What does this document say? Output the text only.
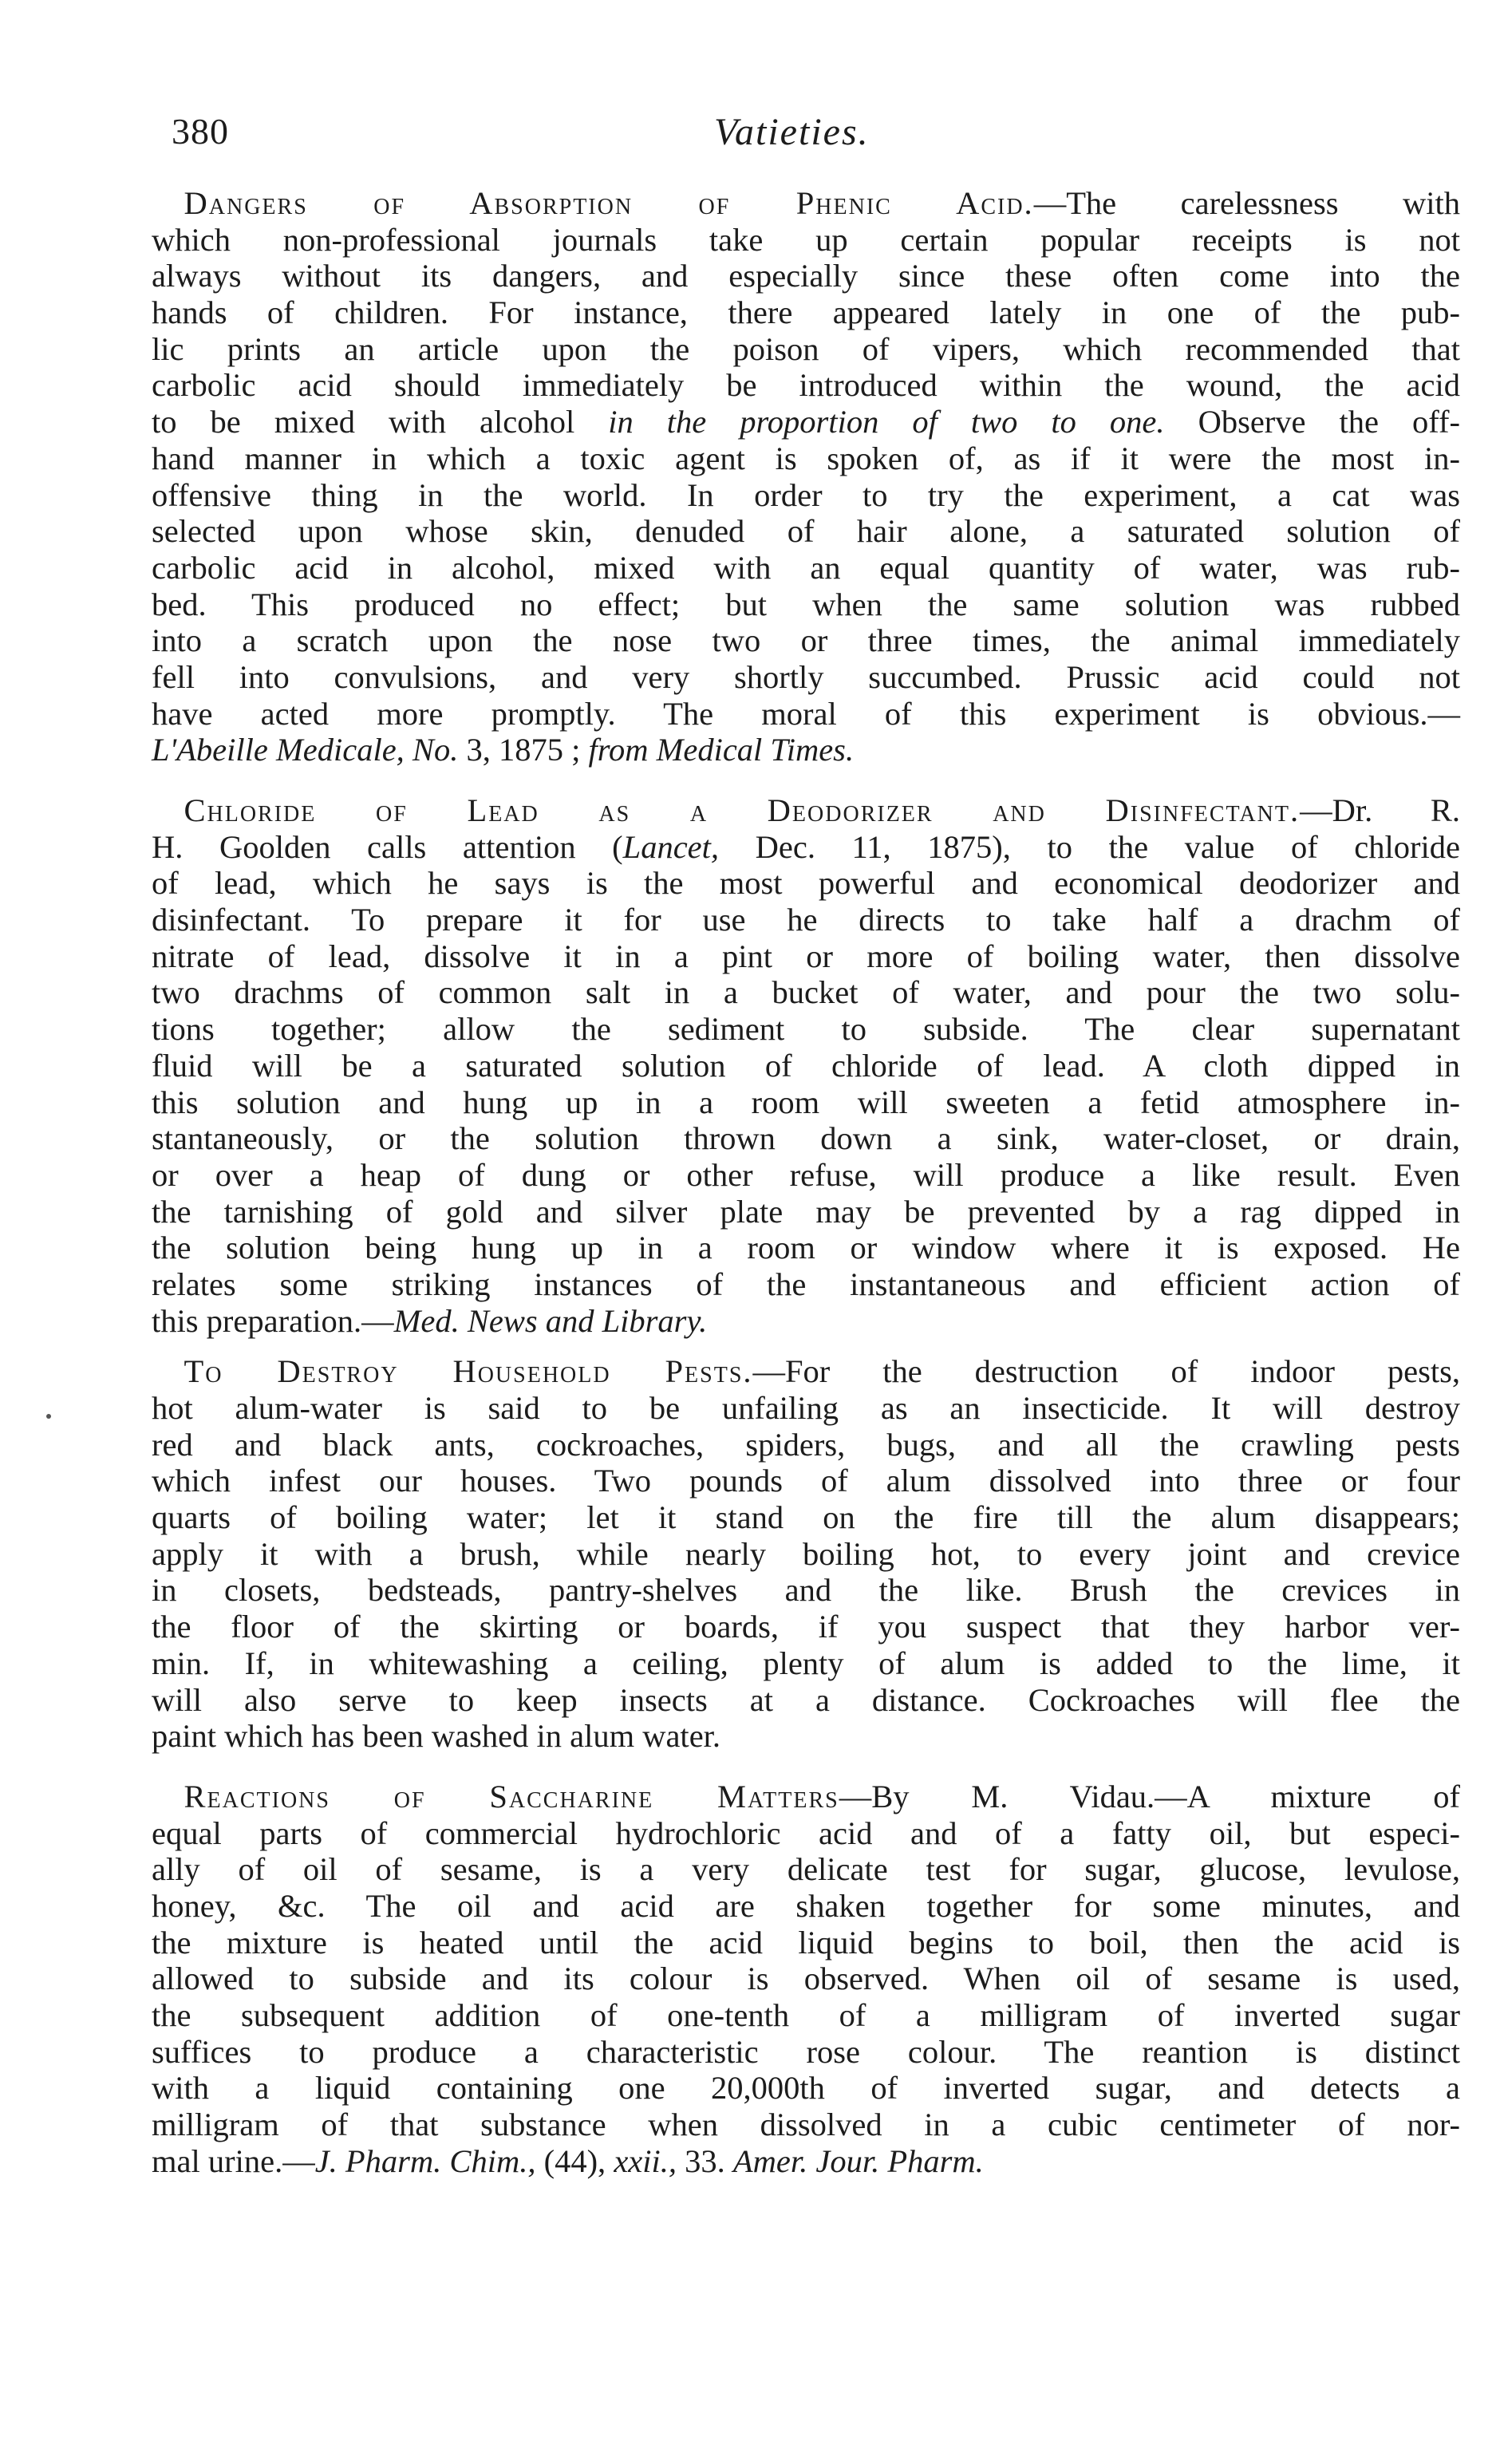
380	Vatieties.
 Dangers of Absorption of Phenic Acid.—The carelessness with
which non-professional journals take up certain popular receipts is not
always without its dangers, and especially since these often come into the
hands of children. For instance, there appeared lately in one of the pub-
lic prints an article upon the poison of vipers, which recommended that
carbolic acid should immediately be introduced within the wound, the acid
to be mixed with alcohol in the proportion of two to one. Observe the off-
hand manner in which a toxic agent is spoken of, as if it were the most in-
offensive thing in the world. In order to try the experiment, a cat was
selected upon whose skin, denuded of hair alone, a saturated solution of
carbolic acid in alcohol, mixed with an equal quantity of water, was rub-
bed. This produced no effect; but when the same solution was rubbed
into a scratch upon the nose two or three times, the animal immediately
fell into convulsions, and very shortly succumbed. Prussic acid could not
have acted more promptly. The moral of this experiment is obvious.—
L'Abeille Medicale, No. 3, 1875 ; from Medical Times.
 Chloride of Lead as a Deodorizer and Disinfectant.—Dr. R.
H. Goolden calls attention (Lancet, Dec. 11, 1875), to the value of chloride
of lead, which he says is the most powerful and economical deodorizer and
disinfectant. To prepare it for use he directs to take half a drachm of
nitrate of lead, dissolve it in a pint or more of boiling water, then dissolve
two drachms of common salt in a bucket of water, and pour the two solu-
tions together; allow the sediment to subside. The clear supernatant
fluid will be a saturated solution of chloride of lead. A cloth dipped in
this solution and hung up in a room will sweeten a fetid atmosphere in-
stantaneously, or the solution thrown down a sink, water-closet, or drain,
or over a heap of dung or other refuse, will produce a like result. Even
the tarnishing of gold and silver plate may be prevented by a rag dipped in
the solution being hung up in a room or window where it is exposed. He
relates some striking instances of the instantaneous and efficient action of
this preparation.—Med. News and Library.
 To Destroy Household Pests.—For the destruction of indoor pests,
hot alum-water is said to be unfailing as an insecticide. It will destroy
red and black ants, cockroaches, spiders, bugs, and all the crawling pests
which infest our houses. Two pounds of alum dissolved into three or four
quarts of boiling water; let it stand on the fire till the alum disappears;
apply it with a brush, while nearly boiling hot, to every joint and crevice
in closets, bedsteads, pantry-shelves and the like. Brush the crevices in
the floor of the skirting or boards, if you suspect that they harbor ver-
min. If, in whitewashing a ceiling, plenty of alum is added to the lime, it
will also serve to keep insects at a distance. Cockroaches will flee the
paint which has been washed in alum water.
 Reactions of Saccharine Matters—By M. Vidau.—A mixture of
equal parts of commercial hydrochloric acid and of a fatty oil, but especi-
ally of oil of sesame, is a very delicate test for sugar, glucose, levulose,
honey, &c. The oil and acid are shaken together for some minutes, and
the mixture is heated until the acid liquid begins to boil, then the acid is
allowed to subside and its colour is observed. When oil of sesame is used,
the subsequent addition of one-tenth of a milligram of inverted sugar
suffices to produce a characteristic rose colour. The reantion is distinct
with a liquid containing one 20,000th of inverted sugar, and detects a
milligram of that substance when dissolved in a cubic centimeter of nor-
mal urine.—J. Pharm. Chim., (44), xxii., 33. Amer. Jour. Pharm.
